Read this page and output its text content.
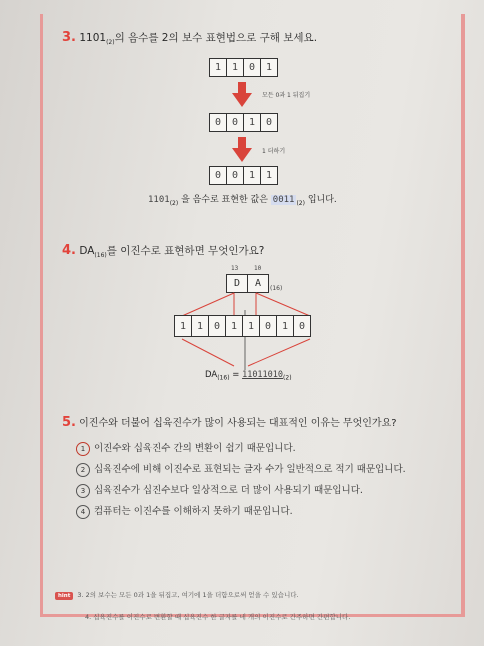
3. $1101_{(2)}$의 음수를 2의 보수 표현법으로 구해 보세요.
1	1	0	1
모든 0과 1 뒤집기
0	0	1	0
1 더하기
0	0	1	1
$1101_{(2)}$ 을 음수로 표현한 값은 0011 $_{(2)}$ 입니다.
4. $DA_{(16)}$를 이진수로 표현하면 무엇인가요?
13	10
D	A	(16)
1	1	0	1	1	0	1	0
$DA_{(16)} = 11011010_{(2)}$
5. 이진수와 더불어 십육진수가 많이 사용되는 대표적인 이유는 무엇인가요?
1 이진수와 십육진수 간의 변환이 쉽기 때문입니다.
2 십육진수에 비해 이진수로 표현되는 글자 수가 일반적으로 적기 때문입니다.
3 십육진수가 십진수보다 일상적으로 더 많이 사용되기 때문입니다.
4 컴퓨터는 이진수를 이해하지 못하기 때문입니다.
hint 3. 2의 보수는 모든 0과 1을 뒤집고, 여기에 1을 더함으로써 얻을 수 있습니다.
4. 십육진수를 이진수로 변환할 때 십육진수 한 글자를 네 개의 이진수로 간주하면 간편합니다.
